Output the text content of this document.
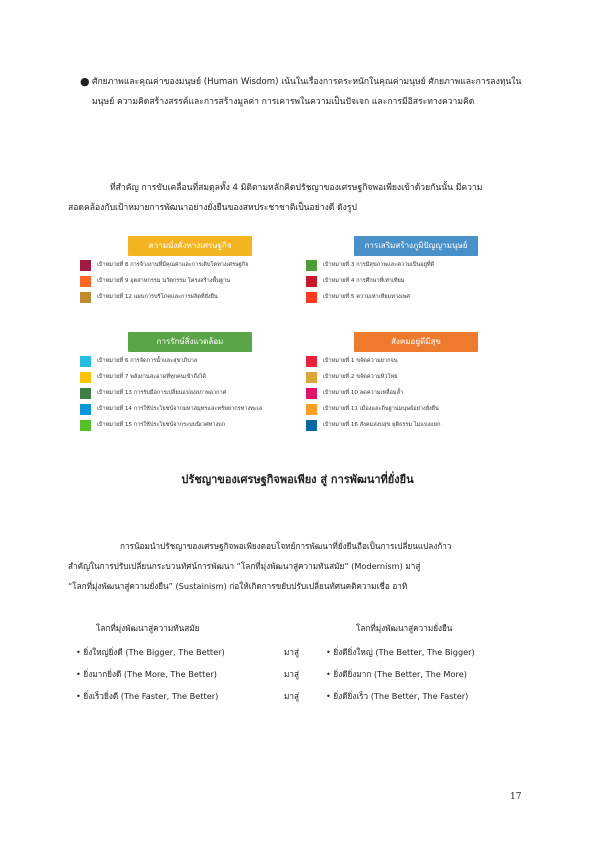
● ศักยภาพและคุณค่าของมนุษย์ (Human Wisdom) เน้นในเรื่องการตระหนักในคุณค่ามนุษย์ ศักยภาพและการลงทุนในมนุษย์ ความคิดสร้างสรรค์และการสร้างมูลค่า การเคารพในความเป็นปัจเจก และการมีอิสระทางความคิด
ที่สำคัญ การขับเคลื่อนที่สมดุลทั้ง 4 มิติตามหลักคิดปรัชญาของเศรษฐกิจพอเพียงเข้าด้วยกันนั้น มีความ
สอดคล้องกับเป้าหมายการพัฒนาอย่างยั่งยืนของสหประชาชาติเป็นอย่างดี ดังรูป
ความมั่งคั่งทางเศรษฐกิจ
เป้าหมายที่ 8 การจ้างงานที่มีคุณค่าและการเติบโตทางเศรษฐกิจ
เป้าหมายที่ 9 อุตสาหกรรม นวัตกรรม โครงสร้างพื้นฐาน
เป้าหมายที่ 12 แผนการบริโภคและการผลิตที่ยั่งยืน
การเสริมสร้างภูมิปัญญามนุษย์
เป้าหมายที่ 3 การมีสุขภาพและความเป็นอยู่ที่ดี
เป้าหมายที่ 4 การศึกษาที่เท่าเทียม
เป้าหมายที่ 5 ความเท่าเทียมทางเพศ
การรักษ์สิ่งแวดล้อม
เป้าหมายที่ 6 การจัดการน้ำและสุขาภิบาล
เป้าหมายที่ 7 พลังงานสะอาดที่ทุกคนเข้าถึงได้
เป้าหมายที่ 13 การรับมือการเปลี่ยนแปลงสภาพอากาศ
เป้าหมายที่ 14 การใช้ประโยชน์จากมหาสมุทรและทรัพยากรทางทะเล
เป้าหมายที่ 15 การใช้ประโยชน์จากระบบนิเวศทางบก
สังคมอยู่ดีมีสุข
เป้าหมายที่ 1 ขจัดความยากจน
เป้าหมายที่ 2 ขจัดความหิวโหย
เป้าหมายที่ 10 ลดความเหลื่อมล้ำ
เป้าหมายที่ 11 เมืองและถิ่นฐานมนุษย์อย่างยั่งยืน
เป้าหมายที่ 16 สังคมสงบสุข ยุติธรรม ไม่แบ่งแยก
ปรัชญาของเศรษฐกิจพอเพียง สู่ การพัฒนาที่ยั่งยืน
การน้อมนำปรัชญาของเศรษฐกิจพอเพียงตอบโจทย์การพัฒนาที่ยั่งยืนถือเป็นการเปลี่ยนแปลงก้าว
สำคัญในการปรับเปลี่ยนกระบวนทัศน์การพัฒนา “โลกที่มุ่งพัฒนาสู่ความทันสมัย” (Modernism) มาสู่
“โลกที่มุ่งพัฒนาสู่ความยั่งยืน” (Sustainism) ก่อให้เกิดการขยับปรับเปลี่ยนทัศนคติความเชื่อ อาทิ
โลกที่มุ่งพัฒนาสู่ความทันสมัย	โลกที่มุ่งพัฒนาสู่ความยั่งยืน
• ยิ่งใหญ่ยิ่งดี (The Bigger, The Better)	มาสู่	• ยิ่งดียิ่งใหญ่ (The Better, The Bigger)
• ยิ่งมากยิ่งดี (The More, The Better)	มาสู่	• ยิ่งดียิ่งมาก (The Better, The More)
• ยิ่งเร็วยิ่งดี (The Faster, The Better)	มาสู่	• ยิ่งดียิ่งเร็ว (The Better, The Faster)
17
